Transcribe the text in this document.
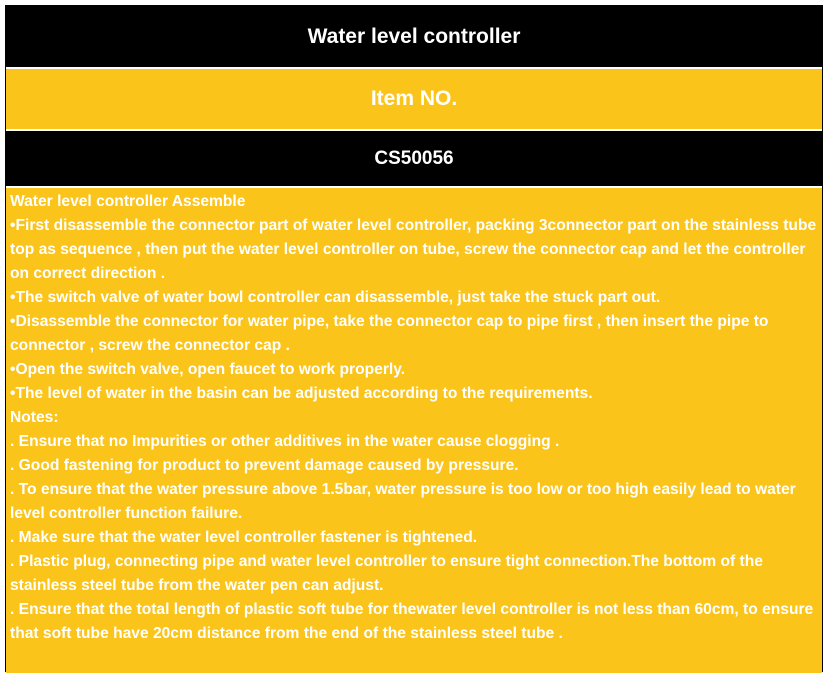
Water level controller
Item NO.
CS50056

Water level controller Assemble

•First disassemble the connector part of water level controller, packing 3connector part on the stainless tube top as sequence , then put the water level controller on tube, screw the connector cap and let the controller on correct direction .

•The switch valve of water bowl controller can disassemble, just take the stuck part out.

•Disassemble the connector for water pipe, take the connector cap to pipe first , then insert the pipe to connector , screw the connector cap .

•Open the switch valve, open faucet to work properly.

•The level of water in the basin can be adjusted according to the requirements.

Notes:

. Ensure that no Impurities or other additives in the water cause clogging .

. Good fastening for product to prevent damage caused by pressure.

. To ensure that the water pressure above 1.5bar, water pressure is too low or too high easily lead to water level controller function failure.

. Make sure that the water level controller fastener is tightened.

. Plastic plug, connecting pipe and water level controller to ensure tight connection.The bottom of the stainless steel tube from the water pen can adjust.

. Ensure that the total length of plastic soft tube for thewater level controller is not less than 60cm, to ensure that soft tube have 20cm distance from the end of the stainless steel tube .
